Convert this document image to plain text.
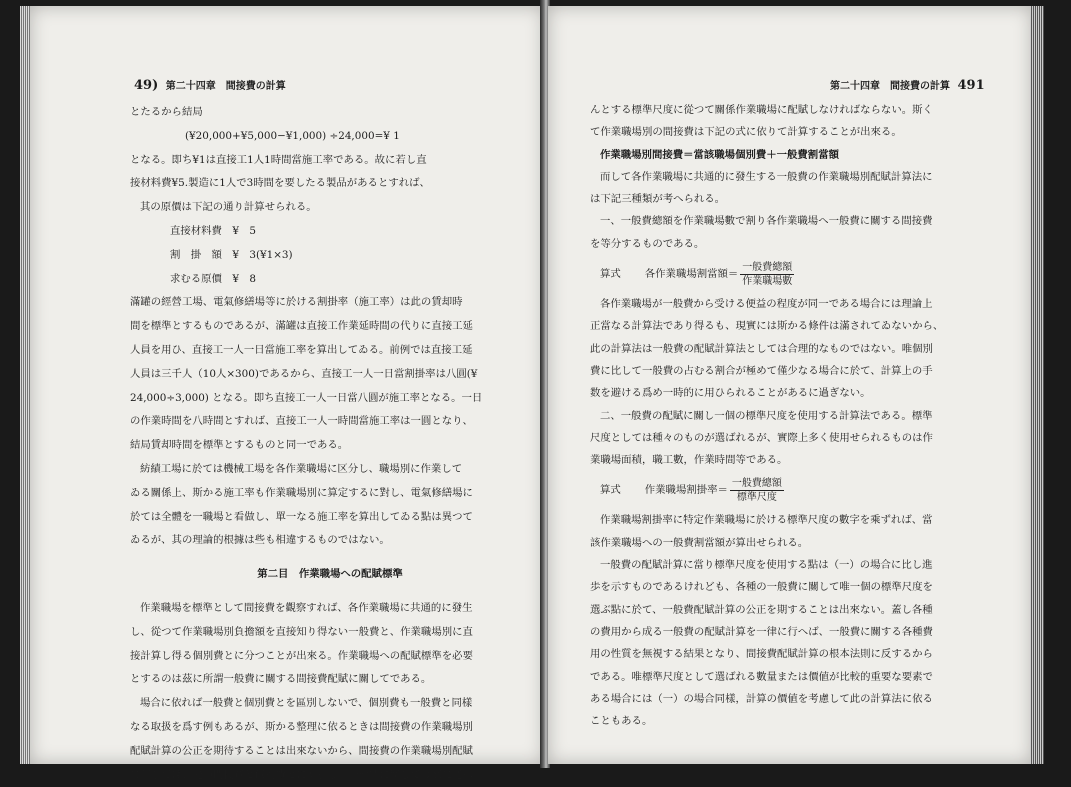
49) 第二十四章　間接費の計算
とたるから結局
(¥20,000+¥5,000−¥1,000) ÷24,000=¥ 1
となる。即ち¥1は直接工1人1時間當施工率である。故に若し直
接材料費¥5.製造に1人で3時間を要したる製品があるとすれば、
其の原價は下記の通り計算せられる。
直接材料費　¥　5
割　掛　額　¥　3(¥1×3)
求むる原價　¥　8
滿罐の經營工場、電氣修繕場等に於ける割掛率（施工率）は此の賃却時
間を標準とするものであるが、滿罐は直接工作業延時間の代りに直接工延
人員を用ひ、直接工一人一日當施工率を算出してゐる。前例では直接工延
人員は三千人（10人×300)であるから、直接工一人一日當割掛率は八圓(¥
24,000÷3,000) となる。即ち直接工一人一日當八圓が施工率となる。一日
の作業時間を八時間とすれば、直接工一人一時間當施工率は一圓となり、
結局賃却時間を標準とするものと同一である。
紡績工場に於ては機械工場を各作業職場に区分し、職場別に作業して
ゐる關係上、斯かる施工率も作業職場別に算定するに對し、電氣修繕場に
於ては全體を一職場と看做し、單一なる施工率を算出してゐる點は異つて
ゐるが、其の理論的根據は些も相違するものではない。
第二目　作業職場への配賦標準
作業職場を標準として間接費を觀察すれば、各作業職場に共通的に發生
し、從つて作業職場別負擔額を直接知り得ない一般費と、作業職場別に直
接計算し得る個別費とに分つことが出來る。作業職場への配賦標準を必要
とするのは茲に所謂一般費に關する間接費配賦に關してである。
場合に依れば一般費と個別費とを區別しないで、個別費も一般費と同樣
なる取扱を爲す例もあるが、斯かる整理に依るときは間接費の作業職場別
配賦計算の公正を期待することは出來ないから、間接費の作業職場別配賦
に際しては、先づ間接費と個別費とに區別し、一般費に關しては茲に述べ
第二十四章　間接費の計算 491
んとする標準尺度に從つて關係作業職場に配賦しなければならない。斯く
て作業職場別の間接費は下記の式に依りて計算することが出來る。
作業職場別間接費＝當該職場個別費＋一般費割當額
而して各作業職場に共通的に發生する一般費の作業職場別配賦計算法に
は下記三種類が考へられる。
一、一般費總額を作業職場數で割り各作業職場へ一般費に關する間接費
を等分するものである。
算式 各作業職場割當額＝ $\frac{\text{一般費總額}}{\text{作業職場數}}$
各作業職場が一般費から受ける便益の程度が同一である場合には理論上
正當なる計算法であり得るも、現實には斯かる條件は滿されてゐないから、
此の計算法は一般費の配賦計算法としては合理的なものではない。唯個別
費に比して一般費の占むる割合が極めて僅少なる場合に於て、計算上の手
数を避ける爲め一時的に用ひられることがあるに過ぎない。
二、一般費の配賦に關し一個の標準尺度を使用する計算法である。標準
尺度としては種々のものが選ばれるが、實際上多く使用せられるものは作
業職場面積，職工數，作業時間等である。
算式 作業職場割掛率＝ $\frac{\text{一般費總額}}{\text{標準尺度}}$
作業職場割掛率に特定作業職場に於ける標準尺度の數字を乘ずれば、當
該作業職場への一般費割當額が算出せられる。
一般費の配賦計算に當り標準尺度を使用する點は（一）の場合に比し進
歩を示すものであるけれども、各種の一般費に關して唯一個の標準尺度を
選ぶ點に於て、一般費配賦計算の公正を期することは出來ない。蓋し各種
の費用から成る一般費の配賦計算を一律に行へば、一般費に關する各種費
用の性質を無視する結果となり、間接費配賦計算の根本法則に反するから
である。唯標準尺度として選ばれる數量または價値が比較的重要な要素で
ある場合には（一）の場合同樣，計算の價値を考慮して此の計算法に依る
こともある。
